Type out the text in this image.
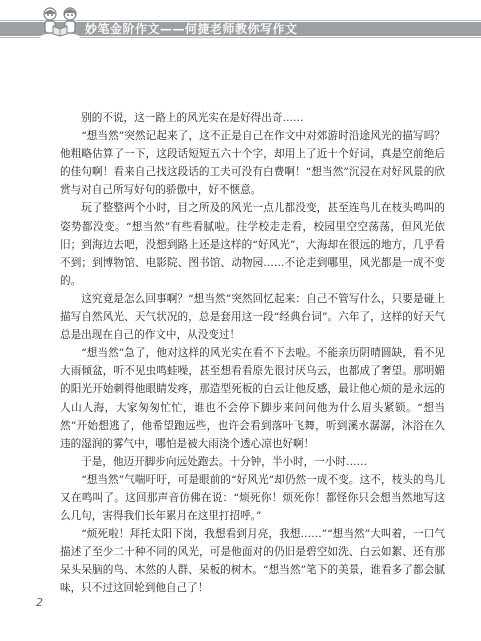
妙笔金阶作文——何捷老师教你写作文

别的不说，这一路上的风光实在是好得出奇……

“想当然”突然记起来了，这不正是自己在作文中对郊游时沿途风光的描写吗？他粗略估算了一下，这段话短短五六十个字，却用上了近十个好词，真是空前绝后的佳句啊！看来自己找这段话的工夫可没有白费啊！“想当然”沉浸在对好风景的欣赏与对自己所写好句的骄傲中，好不惬意。

玩了整整两个小时，目之所及的风光一点儿都没变，甚至连鸟儿在枝头鸣叫的姿势都没变。“想当然”有些看腻啦。往学校走走看，校园里空空荡荡，但风光依旧；到海边去吧，没想到路上还是这样的“好风光”，大海却在很远的地方，几乎看不到；到博物馆、电影院、图书馆、动物园……不论走到哪里，风光都是一成不变的。

这究竟是怎么回事啊？“想当然”突然回忆起来：自己不管写什么，只要是碰上描写自然风光、天气状况的，总是套用这一段“经典台词”。六年了，这样的好天气总是出现在自己的作文中，从没变过！

“想当然”急了，他对这样的风光实在看不下去啦。不能亲历阴晴圆缺，看不见大雨倾盆，听不见虫鸣蛙噪，甚至想看看原先很讨厌乌云，也都成了奢望。那明媚的阳光开始刺得他眼睛发疼，那造型死板的白云让他反感，最让他心烦的是永远的人山人海，大家匆匆忙忙，谁也不会停下脚步来问问他为什么眉头紧锁。“想当然”开始想逃了，他希望跑远些，也许会看到落叶飞舞，听到溪水潺潺，沐浴在久违的湿润的雾气中，哪怕是被大雨浇个透心凉也好啊！

于是，他迈开脚步向远处跑去。十分钟，半小时，一小时……

“想当然”气喘吁吁，可是眼前的“好风光”却仍然一成不变。这不，枝头的鸟儿又在鸣叫了。这回那声音仿佛在说：“烦死你！烦死你！都怪你只会想当然地写这么几句，害得我们长年累月在这里打招呼。”

“烦死啦！拜托太阳下岗，我想看到月亮，我想……”“想当然”大叫着，一口气描述了至少二十种不同的风光，可是他面对的仍旧是碧空如洗、白云如絮、还有那呆头呆脑的鸟、木然的人群、呆板的树木。“想当然”笔下的美景，谁看多了都会腻味，只不过这回轮到他自己了！

2
